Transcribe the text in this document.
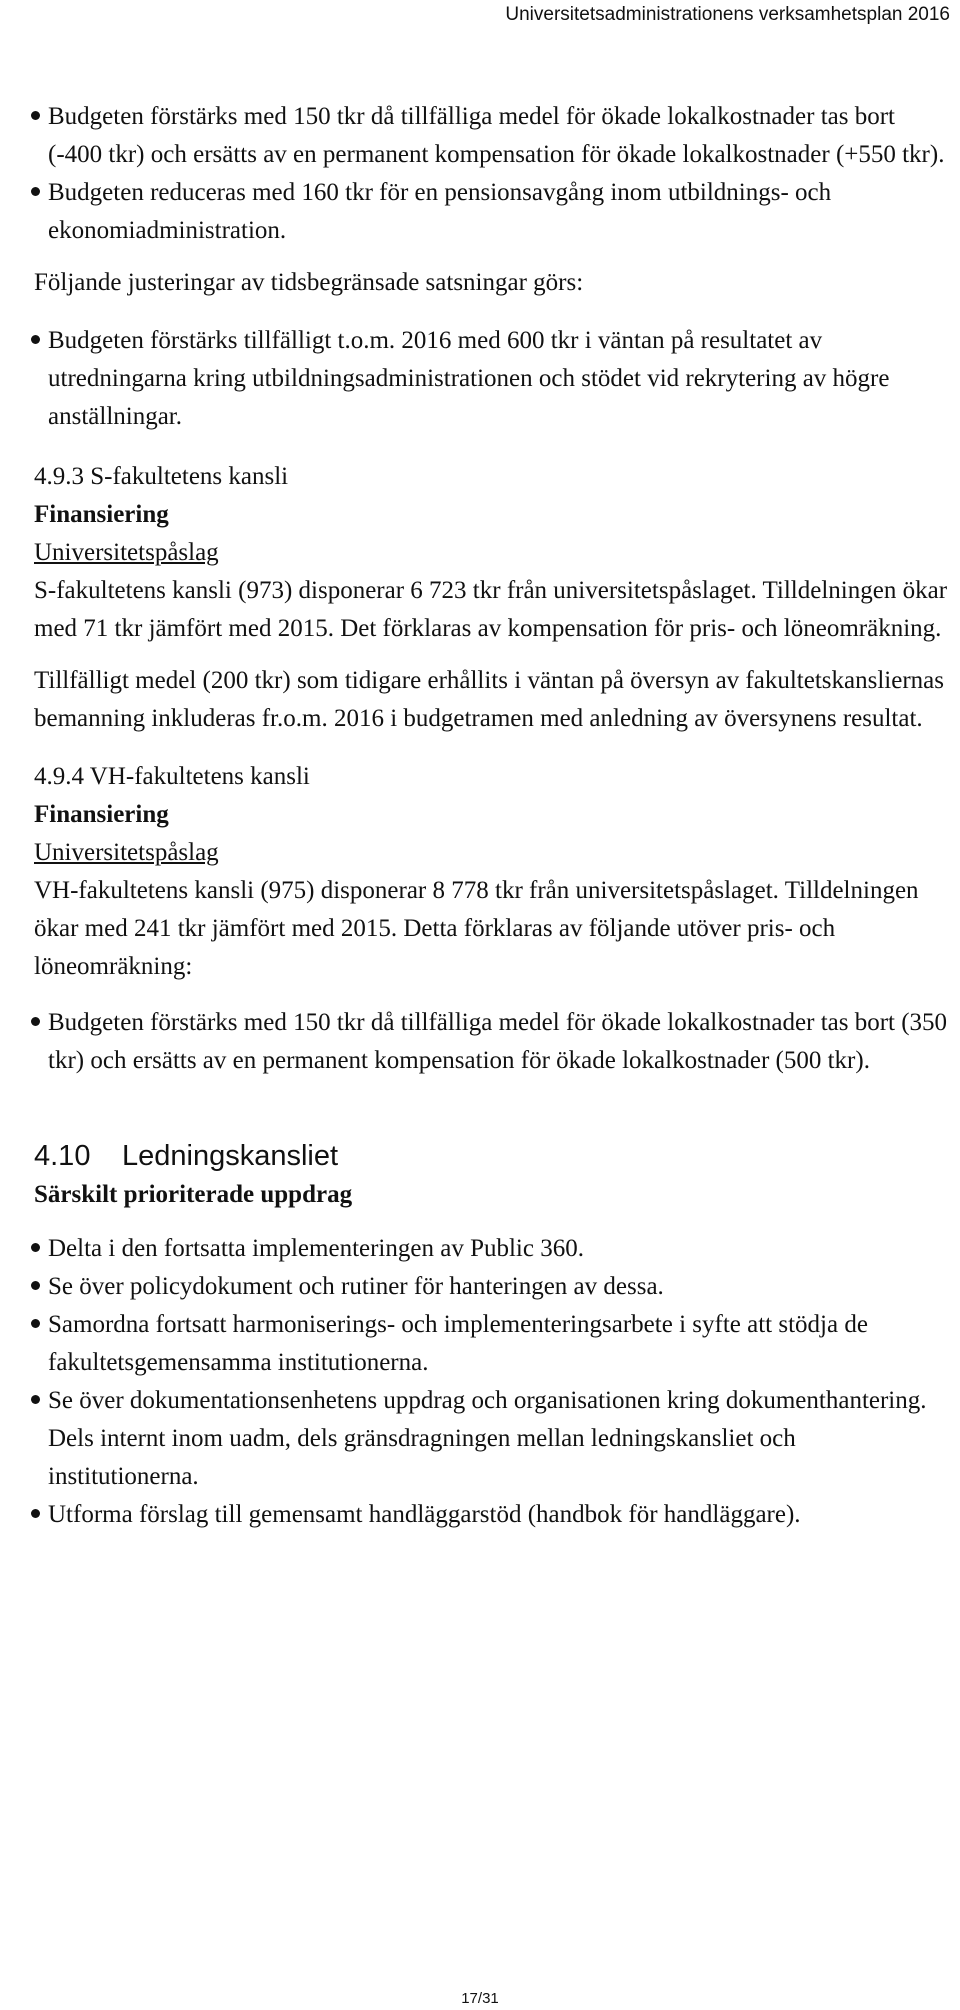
Universitetsadministrationens verksamhetsplan 2016
Budgeten förstärks med 150 tkr då tillfälliga medel för ökade lokalkostnader tas bort (-400 tkr) och ersätts av en permanent kompensation för ökade lokalkostnader (+550 tkr).
Budgeten reduceras med 160 tkr för en pensionsavgång inom utbildnings- och ekonomiadministration.

Följande justeringar av tidsbegränsade satsningar görs:

Budgeten förstärks tillfälligt t.o.m. 2016 med 600 tkr i väntan på resultatet av utredningarna kring utbildningsadministrationen och stödet vid rekrytering av högre anställningar.

4.9.3 S-fakultetens kansli

Finansiering

Universitetspåslag

S-fakultetens kansli (973) disponerar 6 723 tkr från universitetspåslaget. Tilldelningen ökar med 71 tkr jämfört med 2015. Det förklaras av kompensation för pris- och löneomräkning.

Tillfälligt medel (200 tkr) som tidigare erhållits i väntan på översyn av fakultetskansliernas bemanning inkluderas fr.o.m. 2016 i budgetramen med anledning av översynens resultat.

4.9.4 VH-fakultetens kansli

Finansiering

Universitetspåslag

VH-fakultetens kansli (975) disponerar 8 778 tkr från universitetspåslaget. Tilldelningen ökar med 241 tkr jämfört med 2015. Detta förklaras av följande utöver pris- och löneomräkning:

Budgeten förstärks med 150 tkr då tillfälliga medel för ökade lokalkostnader tas bort (350 tkr) och ersätts av en permanent kompensation för ökade lokalkostnader (500 tkr).
4.10 Ledningskansliet

Särskilt prioriterade uppdrag

Delta i den fortsatta implementeringen av Public 360.
Se över policydokument och rutiner för hanteringen av dessa.
Samordna fortsatt harmoniserings- och implementeringsarbete i syfte att stödja de fakultetsgemensamma institutionerna.
Se över dokumentationsenhetens uppdrag och organisationen kring dokumenthantering. Dels internt inom uadm, dels gränsdragningen mellan ledningskansliet och institutionerna.
Utforma förslag till gemensamt handläggarstöd (handbok för handläggare).
17/31
